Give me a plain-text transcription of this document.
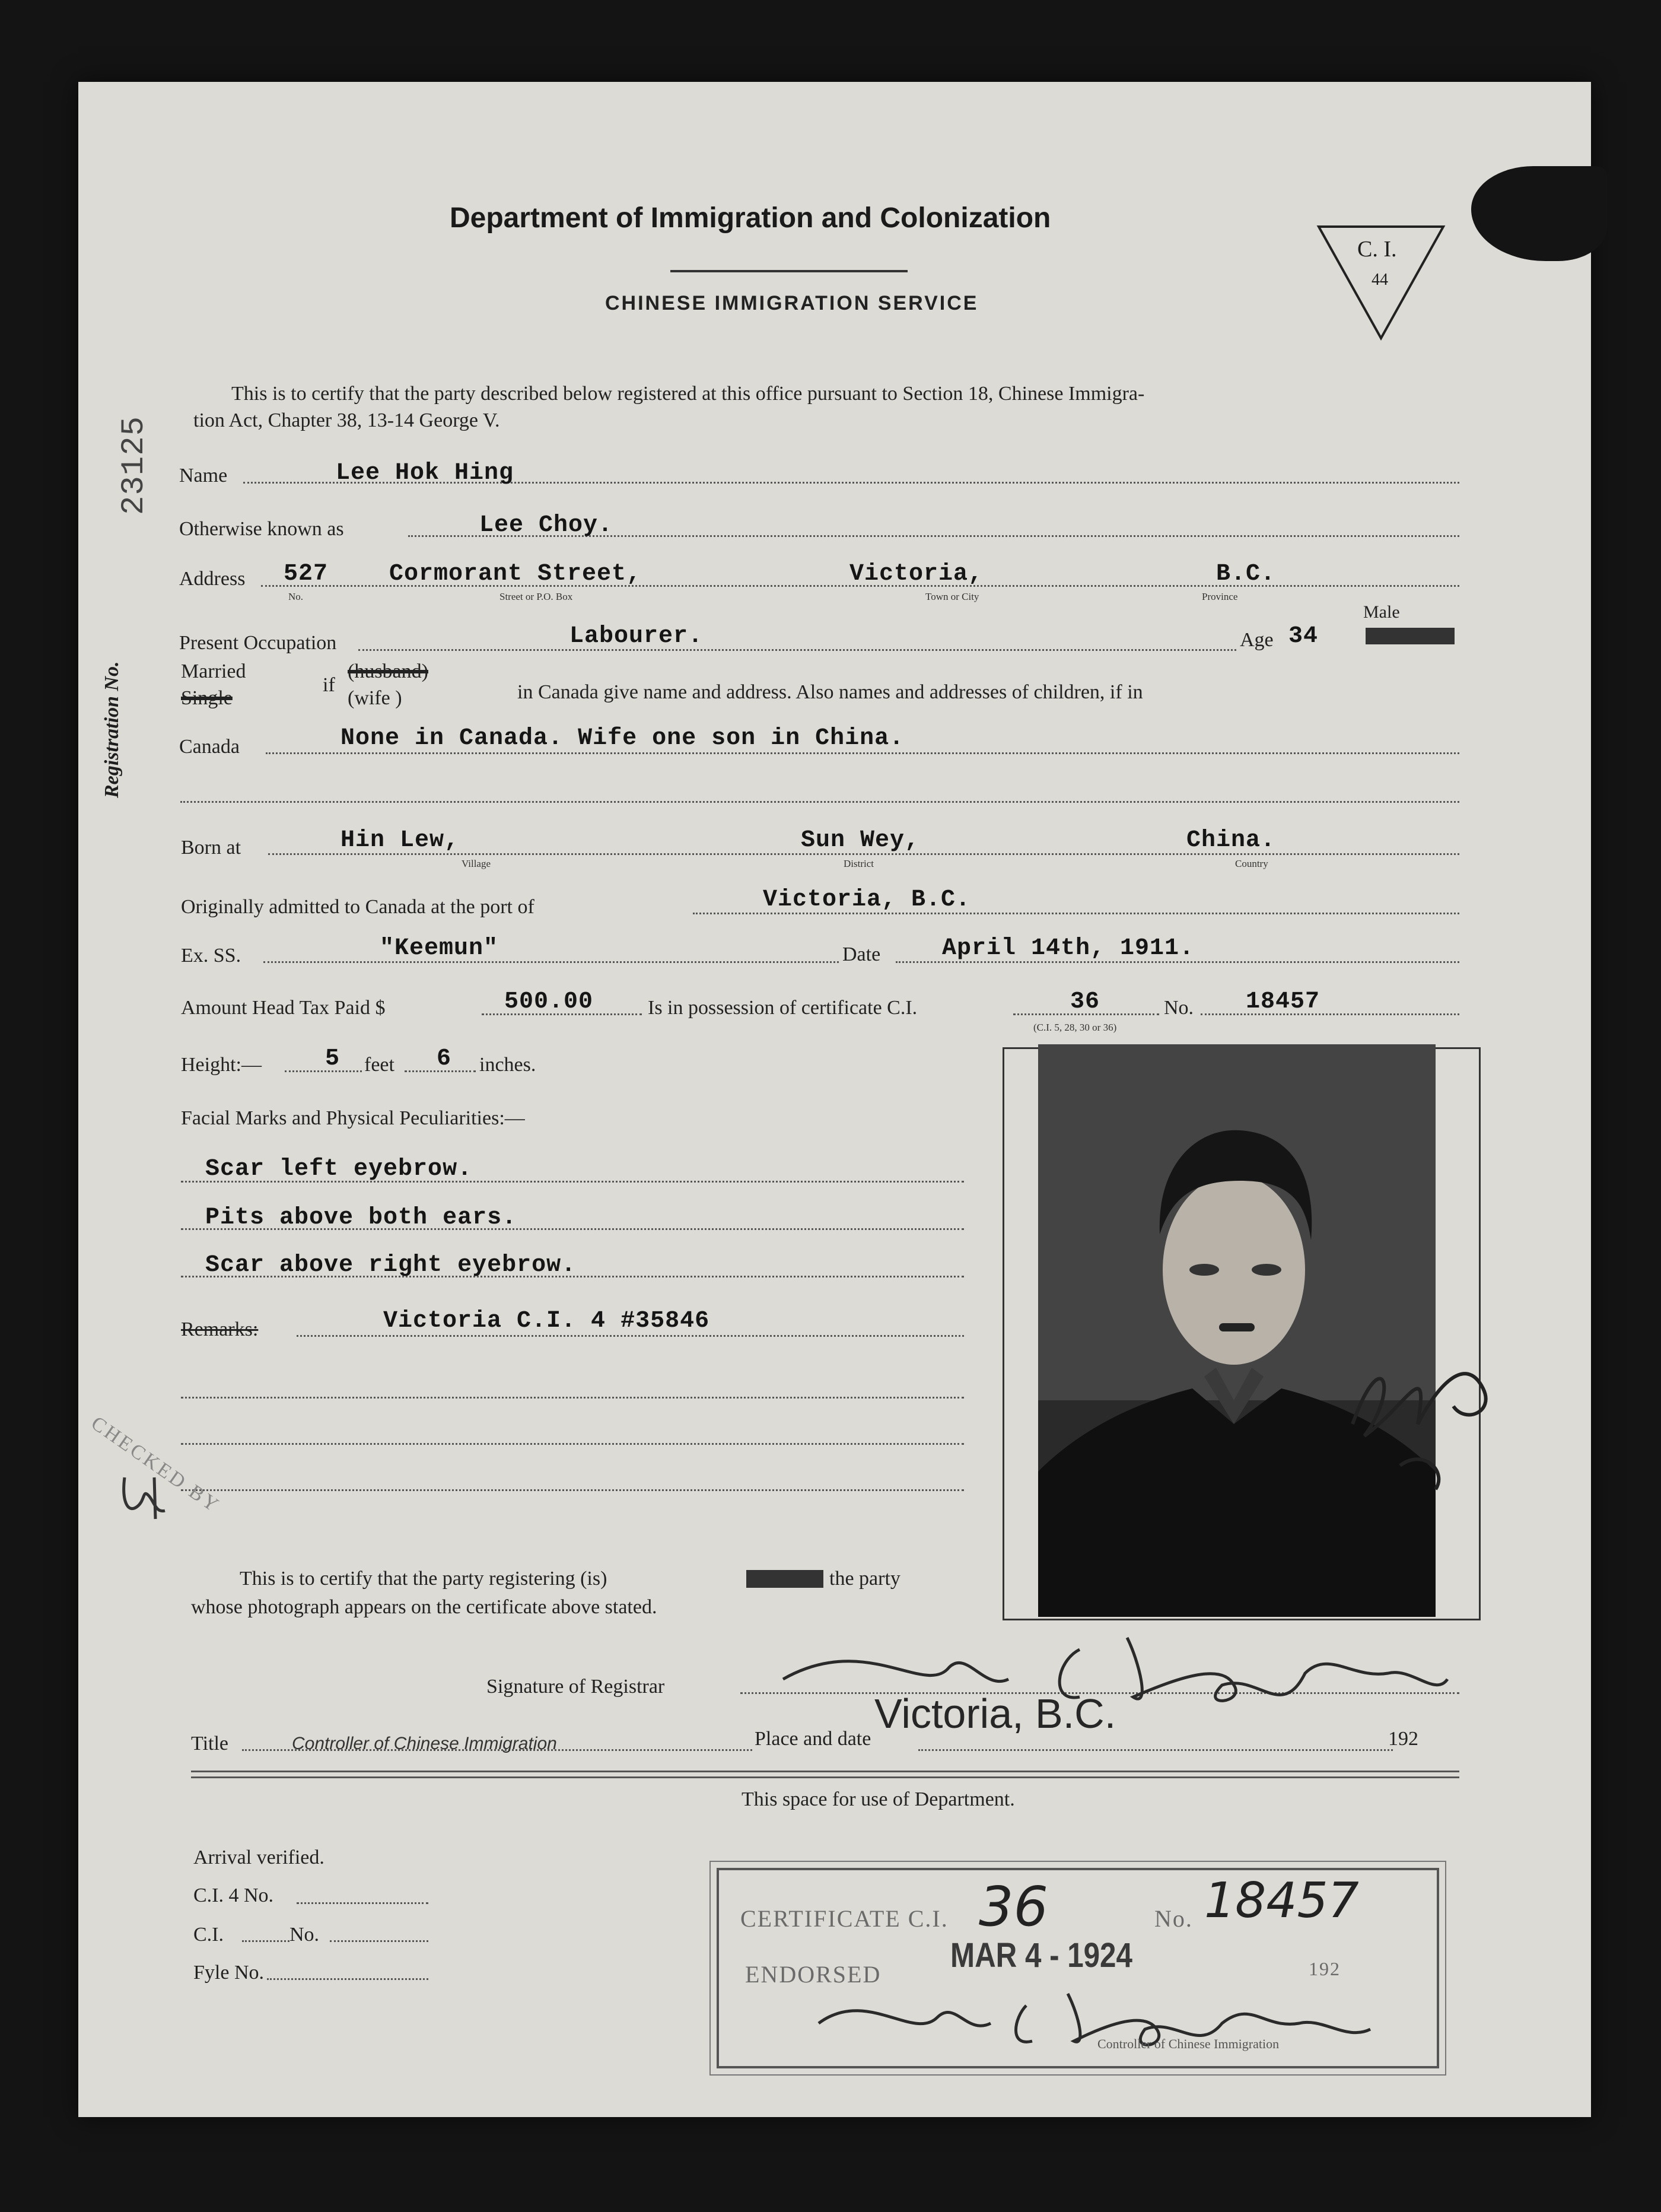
Department of Immigration and Colonization
CHINESE IMMIGRATION SERVICE
C. I.
44
Registration No.
23125
This is to certify that the party described below registered at this office pursuant to Section 18, Chinese Immigra-
tion Act, Chapter 38, 13-14 George V.
Name	Lee Hok Hing
Otherwise known as	Lee Choy.
Address 527	Cormorant Street,	Victoria,	B.C.
No.	Street or P.O. Box	Town or City	Province
Present Occupation	Labourer.	Age 34
Male
Married
Single
if
(husband)
(wife )	in Canada give name and address. Also names and addresses of children, if in
Canada	None in Canada. Wife one son in China.
Born at	Hin Lew,	Sun Wey,	China.
Village	District	Country
Originally admitted to Canada at the port of	Victoria, B.C.
Ex. SS.	"Keemun"	Date	April 14th, 1911.
Amount Head Tax Paid $	500.00	Is in possession of certificate C.I.	36	No. 18457
(C.I. 5, 28, 30 or 36)
Height:—	5 feet 6 inches.
Facial Marks and Physical Peculiarities:—
Scar left eyebrow.
Pits above both ears.
Scar above right eyebrow.
Remarks:	Victoria C.I. 4 #35846
CHECKED BY
This is to certify that the party registering (is)	the party
whose photograph appears on the certificate above stated.
Signature of Registrar
Title	Controller of Chinese Immigration	Place and date
Victoria, B.C.
192
This space for use of Department.
Arrival verified.
C.I. 4 No.
C.I.	No.
Fyle No.
CERTIFICATE C.I. 36	No. 18457
ENDORSED MAR 4 - 1924	192
Controller of Chinese Immigration
